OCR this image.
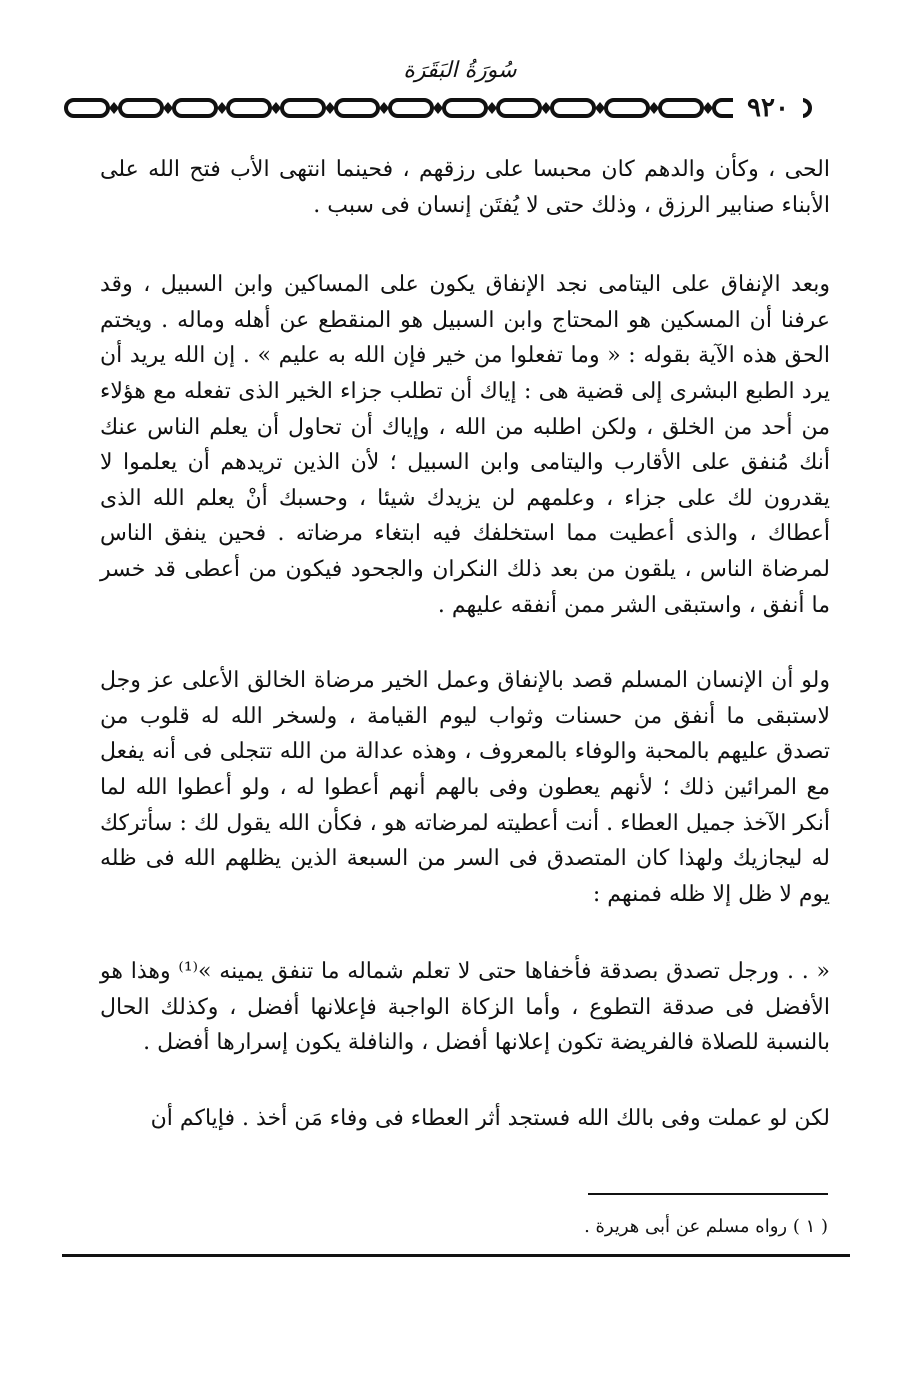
سُورَةُ البَقَرَة
٩٢٠

الحى ، وكأن والدهم كان محبسا على رزقهم ، فحينما انتهى الأب فتح الله على الأبناء صنابير الرزق ، وذلك حتى لا يُفتَن إنسان فى سبب .

وبعد الإنفاق على اليتامى نجد الإنفاق يكون على المساكين وابن السبيل ، وقد عرفنا أن المسكين هو المحتاج وابن السبيل هو المنقطع عن أهله وماله . ويختم الحق هذه الآية بقوله : « وما تفعلوا من خير فإن الله به عليم » . إن الله يريد أن يرد الطبع البشرى إلى قضية هى : إياك أن تطلب جزاء الخير الذى تفعله مع هؤلاء من أحد من الخلق ، ولكن اطلبه من الله ، وإياك أن تحاول أن يعلم الناس عنك أنك مُنفق على الأقارب واليتامى وابن السبيل ؛ لأن الذين تريدهم أن يعلموا لا يقدرون لك على جزاء ، وعلمهم لن يزيدك شيئا ، وحسبك أنْ يعلم الله الذى أعطاك ، والذى أعطيت مما استخلفك فيه ابتغاء مرضاته . فحين ينفق الناس لمرضاة الناس ، يلقون من بعد ذلك النكران والجحود فيكون من أعطى قد خسر ما أنفق ، واستبقى الشر ممن أنفقه عليهم .

ولو أن الإنسان المسلم قصد بالإنفاق وعمل الخير مرضاة الخالق الأعلى عز وجل لاستبقى ما أنفق من حسنات وثواب ليوم القيامة ، ولسخر الله له قلوب من تصدق عليهم بالمحبة والوفاء بالمعروف ، وهذه عدالة من الله تتجلى فى أنه يفعل مع المرائين ذلك ؛ لأنهم يعطون وفى بالهم أنهم أعطوا له ، ولو أعطوا الله لما أنكر الآخذ جميل العطاء . أنت أعطيته لمرضاته هو ، فكأن الله يقول لك : سأتركك له ليجازيك ولهذا كان المتصدق فى السر من السبعة الذين يظلهم الله فى ظله يوم لا ظل إلا ظله فمنهم :

« . . ورجل تصدق بصدقة فأخفاها حتى لا تعلم شماله ما تنفق يمينه »⁽¹⁾ وهذا هو الأفضل فى صدقة التطوع ، وأما الزكاة الواجبة فإعلانها أفضل ، وكذلك الحال بالنسبة للصلاة فالفريضة تكون إعلانها أفضل ، والنافلة يكون إسرارها أفضل .

لكن لو عملت وفى بالك الله فستجد أثر العطاء فى وفاء مَن أخذ . فإياكم أن

( ١ ) رواه مسلم عن أبى هريرة .
